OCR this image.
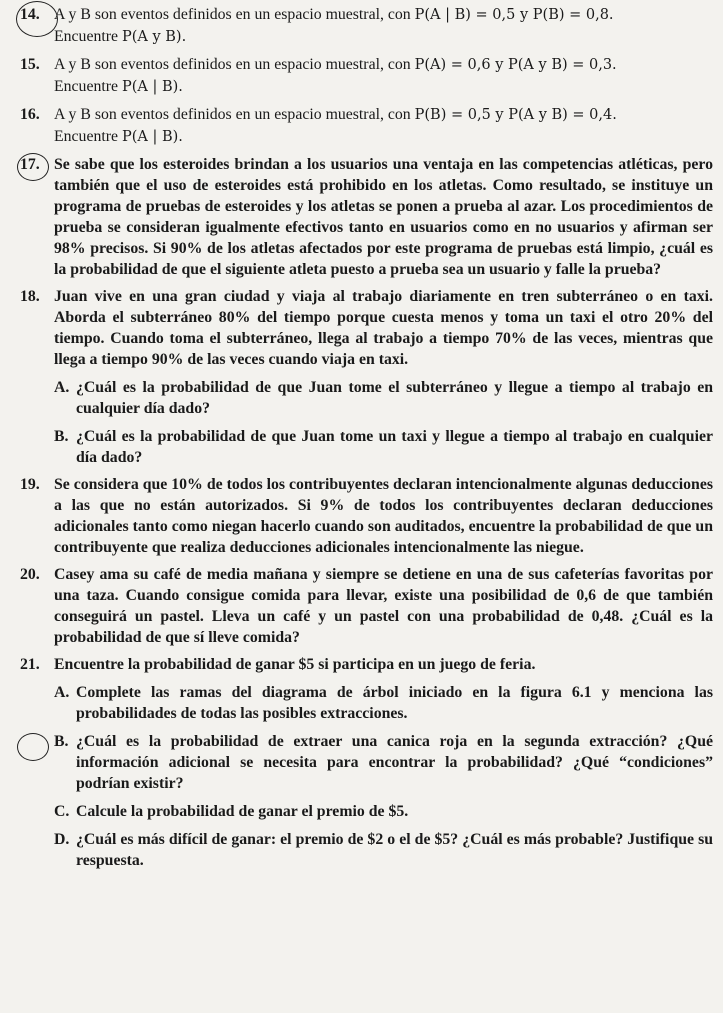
14. A y B son eventos definidos en un espacio muestral, con P(A | B) = 0,5 y P(B) = 0,8.
Encuentre P(A y B).

15. A y B son eventos definidos en un espacio muestral, con P(A) = 0,6 y P(A y B) = 0,3.
Encuentre P(A | B).

16. A y B son eventos definidos en un espacio muestral, con P(B) = 0,5 y P(A y B) = 0,4.
Encuentre P(A | B).

17. Se sabe que los esteroides brindan a los usuarios una ventaja en las competencias atléticas, pero también que el uso de esteroides está prohibido en los atletas. Como resultado, se instituye un programa de pruebas de esteroides y los atletas se ponen a prueba al azar. Los procedimientos de prueba se consideran igualmente efectivos tanto en usuarios como en no usuarios y afirman ser 98% precisos. Si 90% de los atletas afectados por este programa de pruebas está limpio, ¿cuál es la probabilidad de que el siguiente atleta puesto a prueba sea un usuario y falle la prueba?

18. Juan vive en una gran ciudad y viaja al trabajo diariamente en tren subterráneo o en taxi. Aborda el subterráneo 80% del tiempo porque cuesta menos y toma un taxi el otro 20% del tiempo. Cuando toma el subterráneo, llega al trabajo a tiempo 70% de las veces, mientras que llega a tiempo 90% de las veces cuando viaja en taxi.

A. ¿Cuál es la probabilidad de que Juan tome el subterráneo y llegue a tiempo al trabajo en cualquier día dado?

B. ¿Cuál es la probabilidad de que Juan tome un taxi y llegue a tiempo al trabajo en cualquier día dado?

19. Se considera que 10% de todos los contribuyentes declaran intencionalmente algunas deducciones a las que no están autorizados. Si 9% de todos los contribuyentes declaran deducciones adicionales tanto como niegan hacerlo cuando son auditados, encuentre la probabilidad de que un contribuyente que realiza deducciones adicionales intencionalmente las niegue.

20. Casey ama su café de media mañana y siempre se detiene en una de sus cafeterías favoritas por una taza. Cuando consigue comida para llevar, existe una posibilidad de 0,6 de que también conseguirá un pastel. Lleva un café y un pastel con una probabilidad de 0,48. ¿Cuál es la probabilidad de que sí lleve comida?

21. Encuentre la probabilidad de ganar $5 si participa en un juego de feria.

A. Complete las ramas del diagrama de árbol iniciado en la figura 6.1 y menciona las probabilidades de todas las posibles extracciones.

B. ¿Cuál es la probabilidad de extraer una canica roja en la segunda extracción? ¿Qué información adicional se necesita para encontrar la probabilidad? ¿Qué “condiciones” podrían existir?

C. Calcule la probabilidad de ganar el premio de $5.

D. ¿Cuál es más difícil de ganar: el premio de $2 o el de $5? ¿Cuál es más probable? Justifique su respuesta.
